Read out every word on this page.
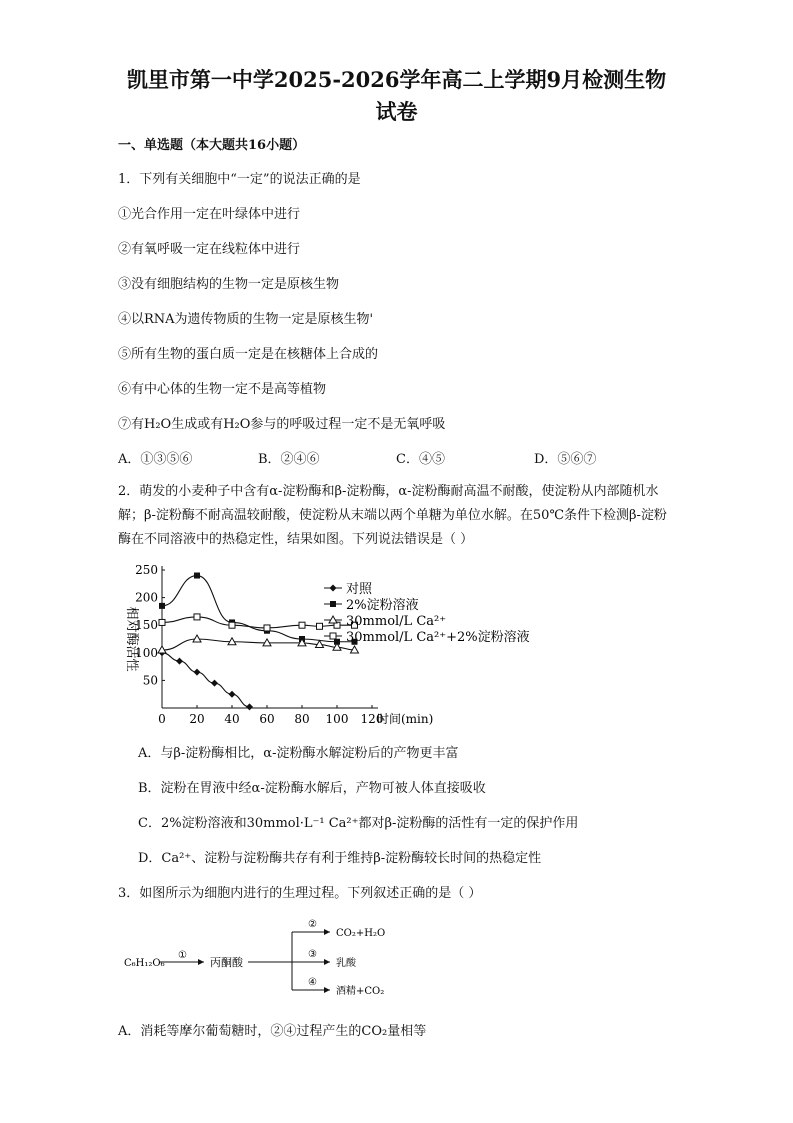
凯里市第一中学2025-2026学年高二上学期9月检测生物
试卷
一、单选题（本大题共16小题）
1．下列有关细胞中“一定”的说法正确的是
①光合作用一定在叶绿体中进行
②有氧呼吸一定在线粒体中进行
③没有细胞结构的生物一定是原核生物
④以RNA为遗传物质的生物一定是原核生物'
⑤所有生物的蛋白质一定是在核糖体上合成的
⑥有中心体的生物一定不是高等植物
⑦有H₂O生成或有H₂O参与的呼吸过程一定不是无氧呼吸
A．①③⑤⑥	B．②④⑥	C．④⑤	D．⑤⑥⑦
2．萌发的小麦种子中含有α-淀粉酶和β-淀粉酶，α-淀粉酶耐高温不耐酸，使淀粉从内部随机水解；β-淀粉酶不耐高温较耐酸，使淀粉从末端以两个单糖为单位水解。在50℃条件下检测β-淀粉酶在不同溶液中的热稳定性，结果如图。下列说法错误是（ ）
50
100
150
200
250
0 20 40 60 80 100 120
时间(min)
相对酶活性
对照
2%淀粉溶液
30mmol/L Ca²⁺
30mmol/L Ca²⁺+2%淀粉溶液
A．与β-淀粉酶相比，α-淀粉酶水解淀粉后的产物更丰富
B．淀粉在胃液中经α-淀粉酶水解后，产物可被人体直接吸收
C．2%淀粉溶液和30mmol·L⁻¹ Ca²⁺都对β-淀粉酶的活性有一定的保护作用
D．Ca²⁺、淀粉与淀粉酶共存有利于维持β-淀粉酶较长时间的热稳定性
3．如图所示为细胞内进行的生理过程。下列叙述正确的是（ ）
C₆H₁₂O₆
①
丙酮酸
②
③
④
CO₂+H₂O
乳酸
酒精+CO₂
A．消耗等摩尔葡萄糖时，②④过程产生的CO₂量相等
